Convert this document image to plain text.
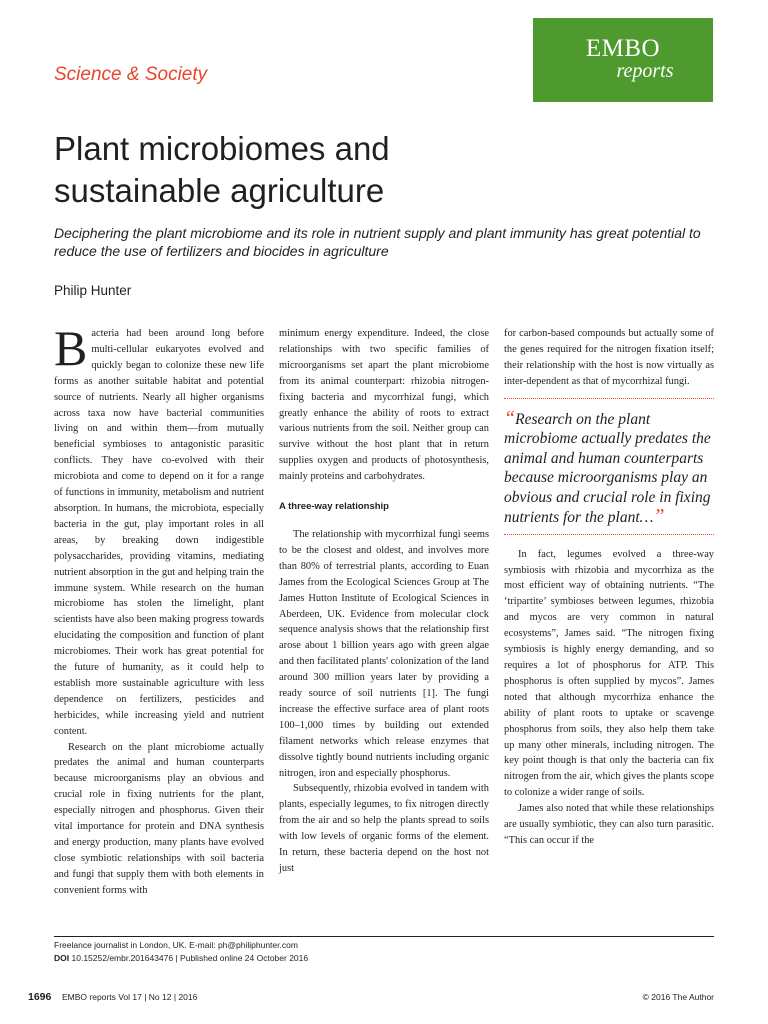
EMBO
reports
Science & Society
Plant microbiomes and
sustainable agriculture

Deciphering the plant microbiome and its role in nutrient supply and plant immunity has great potential to reduce the use of fertilizers and biocides in agriculture

Philip Hunter

Bacteria had been around long before multi-cellular eukaryotes evolved and quickly began to colonize these new life forms as another suitable habitat and potential source of nutrients. Nearly all higher organisms across taxa now have bacterial communities living on and within them—from mutually beneficial symbioses to antagonistic parasitic conflicts. They have co-evolved with their microbiota and come to depend on it for a range of functions in immunity, metabolism and nutrient absorption. In humans, the microbiota, especially bacteria in the gut, play important roles in all areas, by breaking down indigestible polysaccharides, providing vitamins, mediating nutrient absorption in the gut and helping train the immune system. While research on the human microbiome has stolen the limelight, plant scientists have also been making progress towards elucidating the composition and function of plant microbiomes. Their work has great potential for the future of humanity, as it could help to establish more sustainable agriculture with less dependence on fertilizers, pesticides and herbicides, while increasing yield and nutrient content.

Research on the plant microbiome actually predates the animal and human counterparts because microorganisms play an obvious and crucial role in fixing nutrients for the plant, especially nitrogen and phosphorus. Given their vital importance for protein and DNA synthesis and energy production, many plants have evolved close symbiotic relationships with soil bacteria and fungi that supply them with both elements in convenient forms with

minimum energy expenditure. Indeed, the close relationships with two specific families of microorganisms set apart the plant microbiome from its animal counterpart: rhizobia nitrogen-fixing bacteria and mycorrhizal fungi, which greatly enhance the ability of roots to extract various nutrients from the soil. Neither group can survive without the host plant that in return supplies oxygen and products of photosynthesis, mainly proteins and carbohydrates.

A three-way relationship

The relationship with mycorrhizal fungi seems to be the closest and oldest, and involves more than 80% of terrestrial plants, according to Euan James from the Ecological Sciences Group at The James Hutton Institute of Ecological Sciences in Aberdeen, UK. Evidence from molecular clock sequence analysis shows that the relationship first arose about 1 billion years ago with green algae and then facilitated plants' colonization of the land around 300 million years later by providing a ready source of soil nutrients [1]. The fungi increase the effective surface area of plant roots 100–1,000 times by building out extended filament networks which release enzymes that dissolve tightly bound nutrients including organic nitrogen, iron and especially phosphorus.

Subsequently, rhizobia evolved in tandem with plants, especially legumes, to fix nitrogen directly from the air and so help the plants spread to soils with low levels of organic forms of the element. In return, these bacteria depend on the host not just

for carbon-based compounds but actually some of the genes required for the nitrogen fixation itself; their relationship with the host is now virtually as inter-dependent as that of mycorrhizal fungi.

“Research on the plant microbiome actually predates the animal and human counterparts because microorganisms play an obvious and crucial role in fixing nutrients for the plant…”

In fact, legumes evolved a three-way symbiosis with rhizobia and mycorrhiza as the most efficient way of obtaining nutrients. “The ‘tripartite’ symbioses between legumes, rhizobia and mycos are very common in natural ecosystems”, James said. “The nitrogen fixing symbiosis is highly energy demanding, and so requires a lot of phosphorus for ATP. This phosphorus is often supplied by mycos”. James noted that although mycorrhiza enhance the ability of plant roots to uptake or scavenge phosphorus from soils, they also help them take up many other minerals, including nitrogen. The key point though is that only the bacteria can fix nitrogen from the air, which gives the plants scope to colonize a wider range of soils.

James also noted that while these relationships are usually symbiotic, they can also turn parasitic. “This can occur if the

Freelance journalist in London, UK. E-mail: ph@philiphunter.com
DOI 10.15252/embr.201643476 | Published online 24 October 2016
1696 EMBO reports Vol 17 | No 12 | 2016	© 2016 The Author
